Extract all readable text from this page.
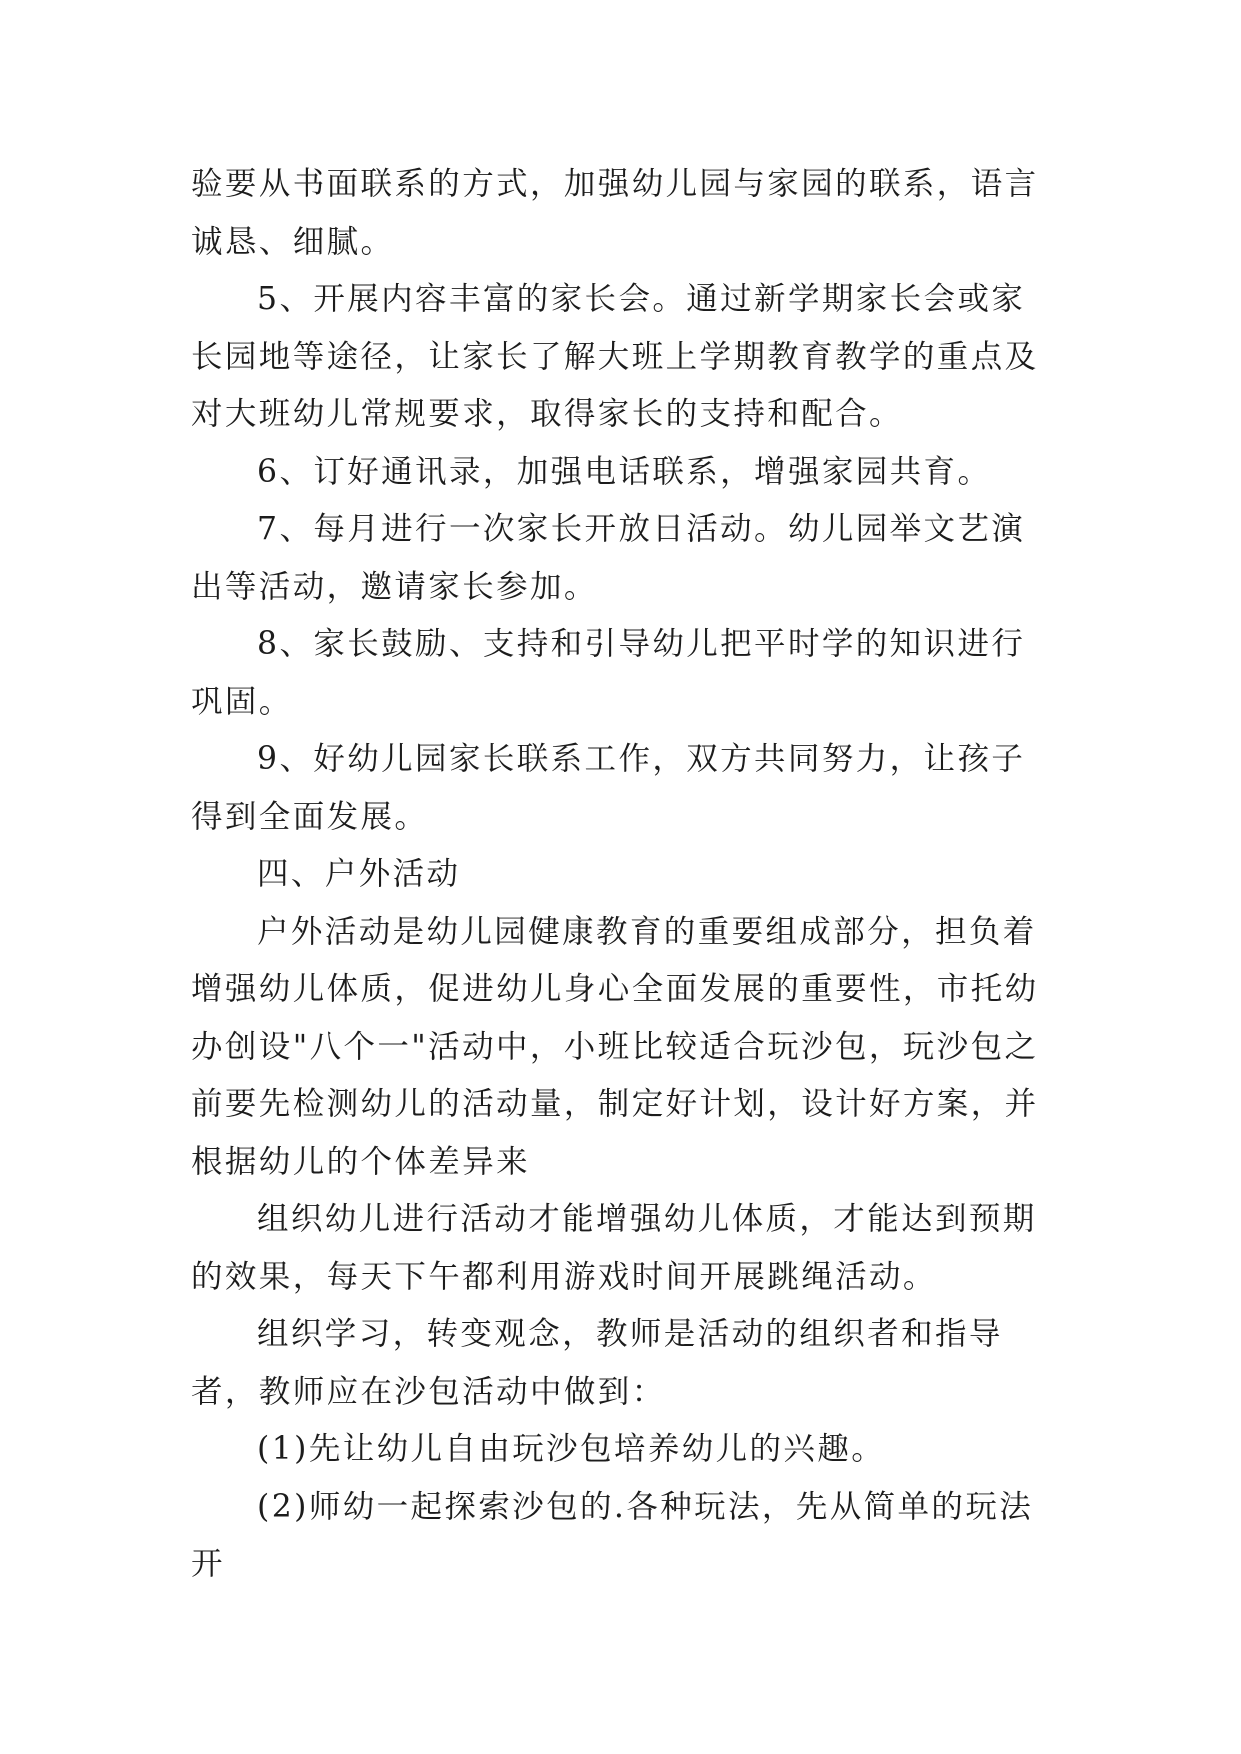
验要从书面联系的方式，加强幼儿园与家园的联系，语言诚恳、细腻。

5、开展内容丰富的家长会。通过新学期家长会或家长园地等途径，让家长了解大班上学期教育教学的重点及对大班幼儿常规要求，取得家长的支持和配合。

6、订好通讯录，加强电话联系，增强家园共育。

7、每月进行一次家长开放日活动。幼儿园举文艺演出等活动，邀请家长参加。

8、家长鼓励、支持和引导幼儿把平时学的知识进行巩固。

9、好幼儿园家长联系工作，双方共同努力，让孩子得到全面发展。

四、户外活动

户外活动是幼儿园健康教育的重要组成部分，担负着增强幼儿体质，促进幼儿身心全面发展的重要性，市托幼办创设"八个一"活动中，小班比较适合玩沙包，玩沙包之前要先检测幼儿的活动量，制定好计划，设计好方案，并根据幼儿的个体差异来

组织幼儿进行活动才能增强幼儿体质，才能达到预期的效果，每天下午都利用游戏时间开展跳绳活动。

组织学习，转变观念，教师是活动的组织者和指导者，教师应在沙包活动中做到：

(1)先让幼儿自由玩沙包培养幼儿的兴趣。

(2)师幼一起探索沙包的.各种玩法，先从简单的玩法开
